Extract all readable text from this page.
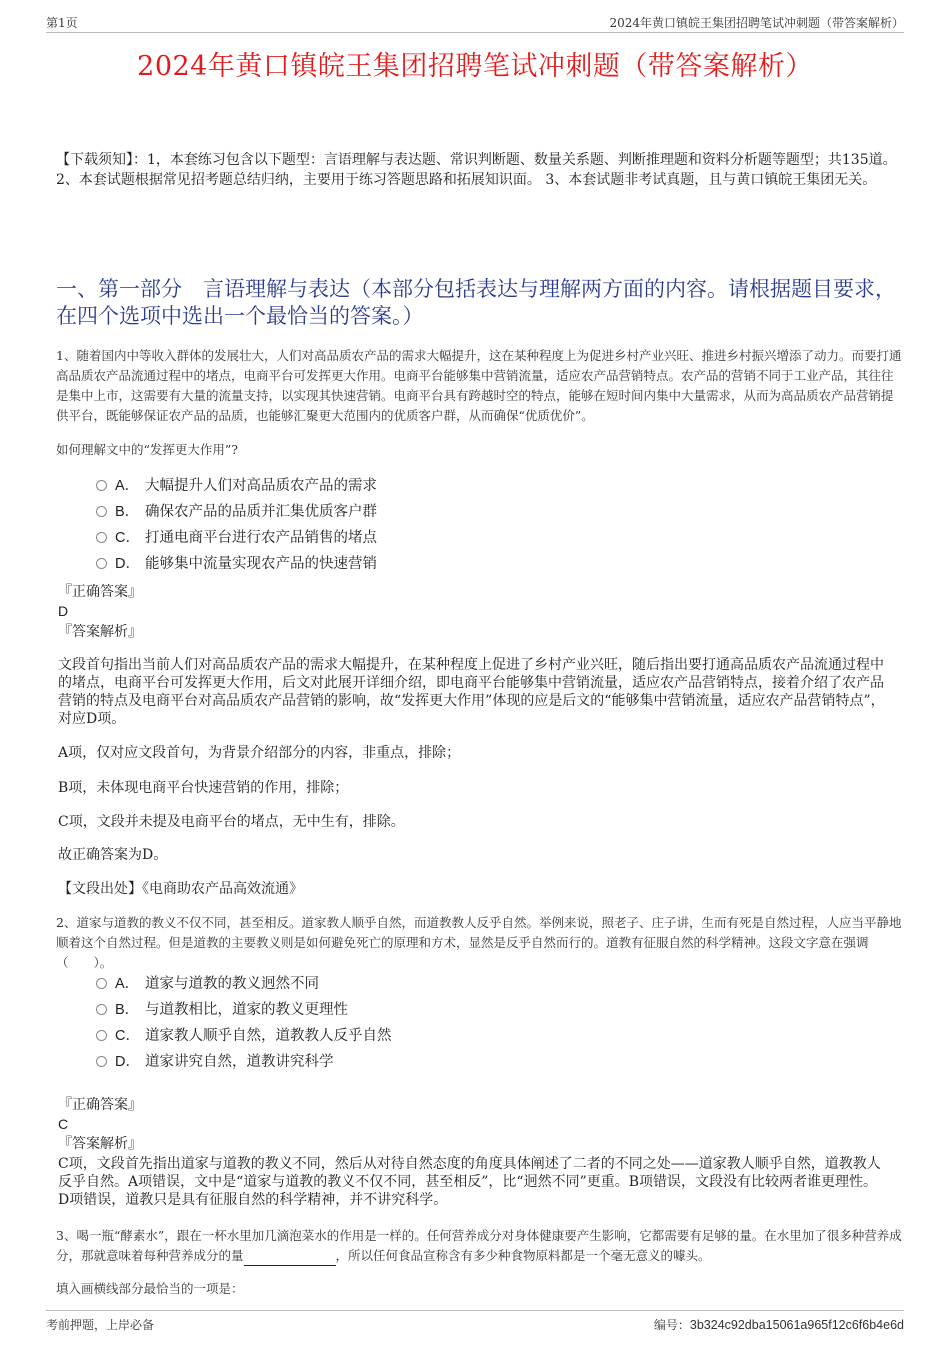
第1页	2024年黄口镇皖王集团招聘笔试冲刺题（带答案解析）
2024年黄口镇皖王集团招聘笔试冲刺题（带答案解析）
【下载须知】：1，本套练习包含以下题型：言语理解与表达题、常识判断题、数量关系题、判断推理题和资料分析题等题型；共135道。 2、本套试题根据常见招考题总结归纳，主要用于练习答题思路和拓展知识面。 3、本套试题非考试真题，且与黄口镇皖王集团无关。
一、第一部分　言语理解与表达（本部分包括表达与理解两方面的内容。请根据题目要求，在四个选项中选出一个最恰当的答案。）
1、随着国内中等收入群体的发展壮大，人们对高品质农产品的需求大幅提升，这在某种程度上为促进乡村产业兴旺、推进乡村振兴增添了动力。而要打通高品质农产品流通过程中的堵点，电商平台可发挥更大作用。电商平台能够集中营销流量，适应农产品营销特点。农产品的营销不同于工业产品，其往往是集中上市，这需要有大量的流量支持，以实现其快速营销。电商平台具有跨越时空的特点，能够在短时间内集中大量需求，从而为高品质农产品营销提供平台，既能够保证农产品的品质，也能够汇聚更大范围内的优质客户群，从而确保“优质优价”。
如何理解文中的“发挥更大作用”?
A． 大幅提升人们对高品质农产品的需求
B． 确保农产品的品质并汇集优质客户群
C． 打通电商平台进行农产品销售的堵点
D． 能够集中流量实现农产品的快速营销
『正确答案』
D
『答案解析』
文段首句指出当前人们对高品质农产品的需求大幅提升，在某种程度上促进了乡村产业兴旺，随后指出要打通高品质农产品流通过程中的堵点，电商平台可发挥更大作用，后文对此展开详细介绍，即电商平台能够集中营销流量，适应农产品营销特点，接着介绍了农产品营销的特点及电商平台对高品质农产品营销的影响，故“发挥更大作用”体现的应是后文的“能够集中营销流量，适应农产品营销特点”，对应D项。
A项，仅对应文段首句，为背景介绍部分的内容，非重点，排除；
B项，未体现电商平台快速营销的作用，排除；
C项，文段并未提及电商平台的堵点，无中生有，排除。
故正确答案为D。
【文段出处】《电商助农产品高效流通》
2、道家与道教的教义不仅不同，甚至相反。道家教人顺乎自然，而道教教人反乎自然。举例来说，照老子、庄子讲，生而有死是自然过程，人应当平静地顺着这个自然过程。但是道教的主要教义则是如何避免死亡的原理和方术，显然是反乎自然而行的。道教有征服自然的科学精神。这段文字意在强调（　　）。
A． 道家与道教的教义迥然不同
B． 与道教相比，道家的教义更理性
C． 道家教人顺乎自然，道教教人反乎自然
D． 道家讲究自然，道教讲究科学
『正确答案』
C
『答案解析』
C项，文段首先指出道家与道教的教义不同，然后从对待自然态度的角度具体阐述了二者的不同之处——道家教人顺乎自然，道教教人反乎自然。A项错误，文中是“道家与道教的教义不仅不同，甚至相反”，比“迥然不同”更重。B项错误，文段没有比较两者谁更理性。D项错误，道教只是具有征服自然的科学精神，并不讲究科学。
3、喝一瓶“酵素水”，跟在一杯水里加几滴泡菜水的作用是一样的。任何营养成分对身体健康要产生影响，它都需要有足够的量。在水里加了很多种营养成分，那就意味着每种营养成分的量	，所以任何食品宣称含有多少种食物原料都是一个毫无意义的噱头。
填入画横线部分最恰当的一项是：
考前押题，上岸必备	编号：3b324c92dba15061a965f12c6f6b4e6d
